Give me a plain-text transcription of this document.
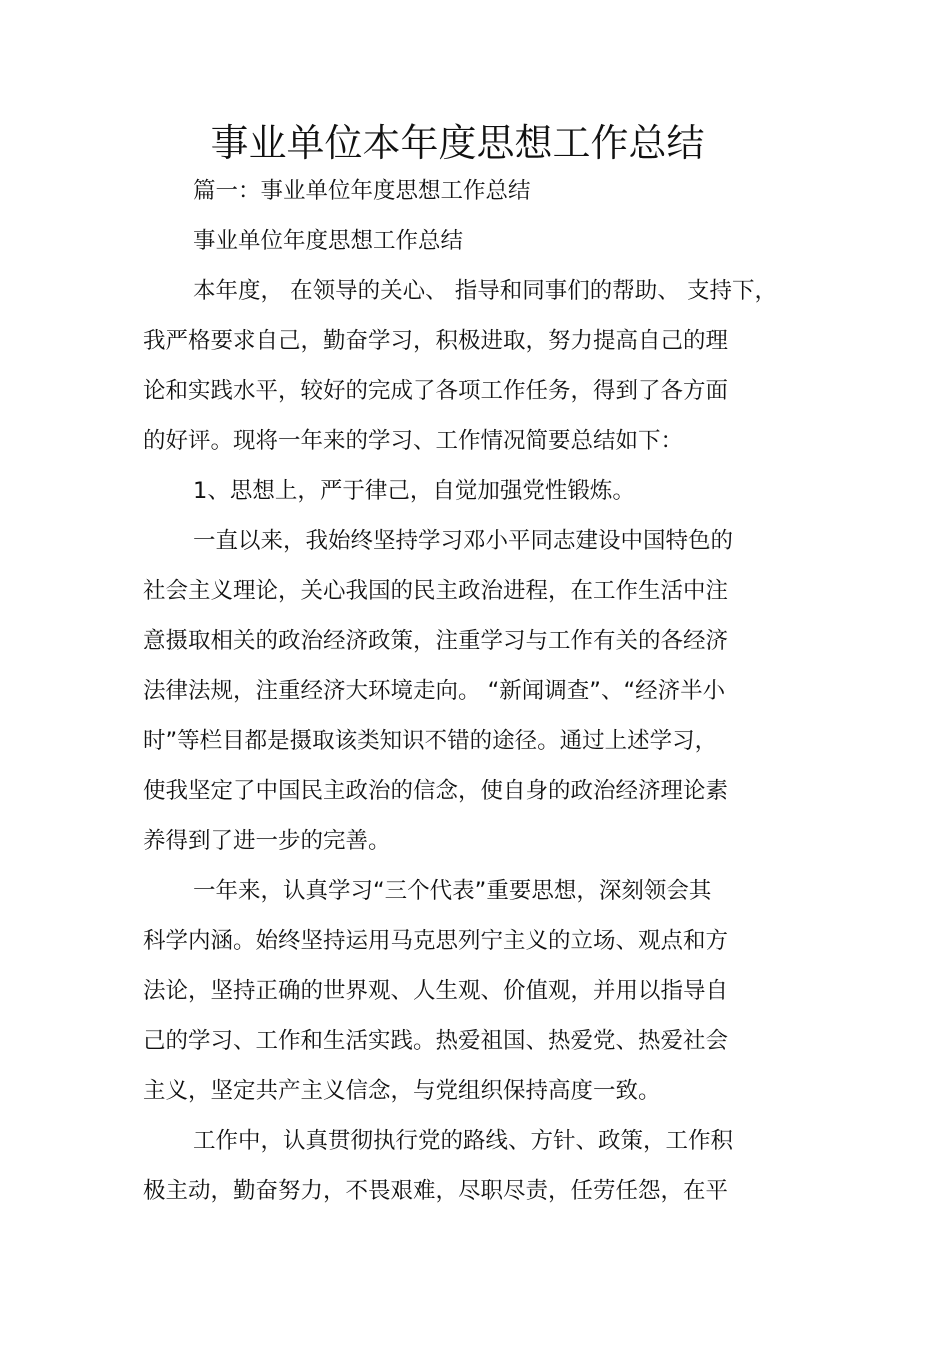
事业单位本年度思想工作总结
篇一：事业单位年度思想工作总结
事业单位年度思想工作总结
本年度， 在领导的关心、 指导和同事们的帮助、 支持下，
我严格要求自己，勤奋学习，积极进取，努力提高自己的理
论和实践水平，较好的完成了各项工作任务，得到了各方面
的好评。现将一年来的学习、工作情况简要总结如下：
1、思想上，严于律己，自觉加强党性锻炼。
一直以来，我始终坚持学习邓小平同志建设中国特色的
社会主义理论，关心我国的民主政治进程，在工作生活中注
意摄取相关的政治经济政策，注重学习与工作有关的各经济
法律法规，注重经济大环境走向。 “新闻调查”、“经济半小
时”等栏目都是摄取该类知识不错的途径。通过上述学习，
使我坚定了中国民主政治的信念，使自身的政治经济理论素
养得到了进一步的完善。
一年来，认真学习“三个代表”重要思想，深刻领会其
科学内涵。始终坚持运用马克思列宁主义的立场、观点和方
法论，坚持正确的世界观、人生观、价值观，并用以指导自
己的学习、工作和生活实践。热爱祖国、热爱党、热爱社会
主义，坚定共产主义信念，与党组织保持高度一致。
工作中，认真贯彻执行党的路线、方针、政策，工作积
极主动，勤奋努力，不畏艰难，尽职尽责，任劳任怨，在平
